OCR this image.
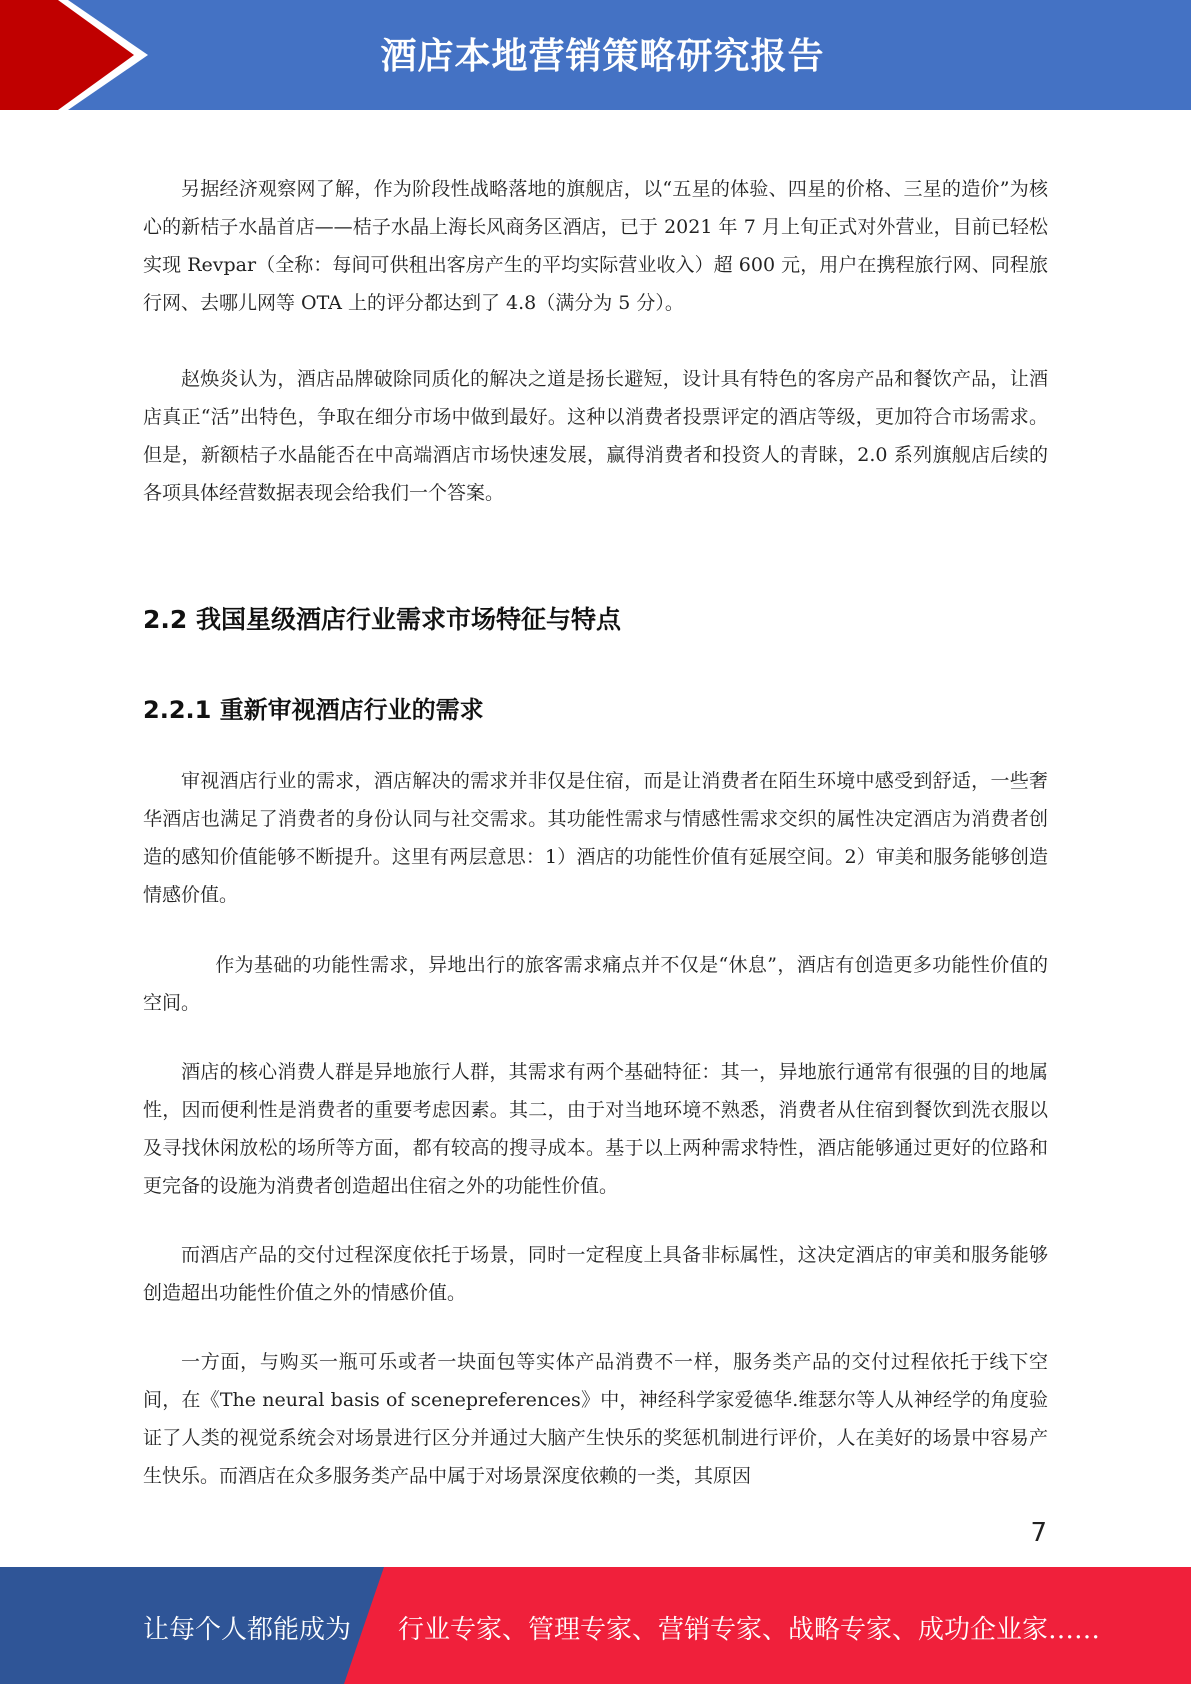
酒店本地营销策略研究报告

另据经济观察网了解，作为阶段性战略落地的旗舰店，以“五星的体验、四星的价格、三星的造价”为核心的新桔子水晶首店——桔子水晶上海长风商务区酒店，已于 2021 年 7 月上旬正式对外营业，目前已轻松实现 Revpar（全称：每间可供租出客房产生的平均实际营业收入）超 600 元，用户在携程旅行网、同程旅行网、去哪儿网等 OTA 上的评分都达到了 4.8（满分为 5 分）。

赵焕炎认为，酒店品牌破除同质化的解决之道是扬长避短，设计具有特色的客房产品和餐饮产品，让酒店真正“活”出特色，争取在细分市场中做到最好。这种以消费者投票评定的酒店等级，更加符合市场需求。但是，新额桔子水晶能否在中高端酒店市场快速发展，赢得消费者和投资人的青睐，2.0 系列旗舰店后续的各项具体经营数据表现会给我们一个答案。

2.2 我国星级酒店行业需求市场特征与特点
2.2.1 重新审视酒店行业的需求

审视酒店行业的需求，酒店解决的需求并非仅是住宿，而是让消费者在陌生环境中感受到舒适，一些奢华酒店也满足了消费者的身份认同与社交需求。其功能性需求与情感性需求交织的属性决定酒店为消费者创造的感知价值能够不断提升。这里有两层意思：1）酒店的功能性价值有延展空间。2）审美和服务能够创造情感价值。

作为基础的功能性需求，异地出行的旅客需求痛点并不仅是“休息”，酒店有创造更多功能性价值的空间。

酒店的核心消费人群是异地旅行人群，其需求有两个基础特征：其一，异地旅行通常有很强的目的地属性，因而便利性是消费者的重要考虑因素。其二，由于对当地环境不熟悉，消费者从住宿到餐饮到洗衣服以及寻找休闲放松的场所等方面，都有较高的搜寻成本。基于以上两种需求特性，酒店能够通过更好的位路和更完备的设施为消费者创造超出住宿之外的功能性价值。

而酒店产品的交付过程深度依托于场景，同时一定程度上具备非标属性，这决定酒店的审美和服务能够创造超出功能性价值之外的情感价值。

一方面，与购买一瓶可乐或者一块面包等实体产品消费不一样，服务类产品的交付过程依托于线下空间，在《The neural basis of scenepreferences》中，神经科学家爱德华.维瑟尔等人从神经学的角度验证了人类的视觉系统会对场景进行区分并通过大脑产生快乐的奖惩机制进行评价，人在美好的场景中容易产生快乐。而酒店在众多服务类产品中属于对场景深度依赖的一类，其原因

7
让每个人都能成为 行业专家、管理专家、营销专家、战略专家、成功企业家……
